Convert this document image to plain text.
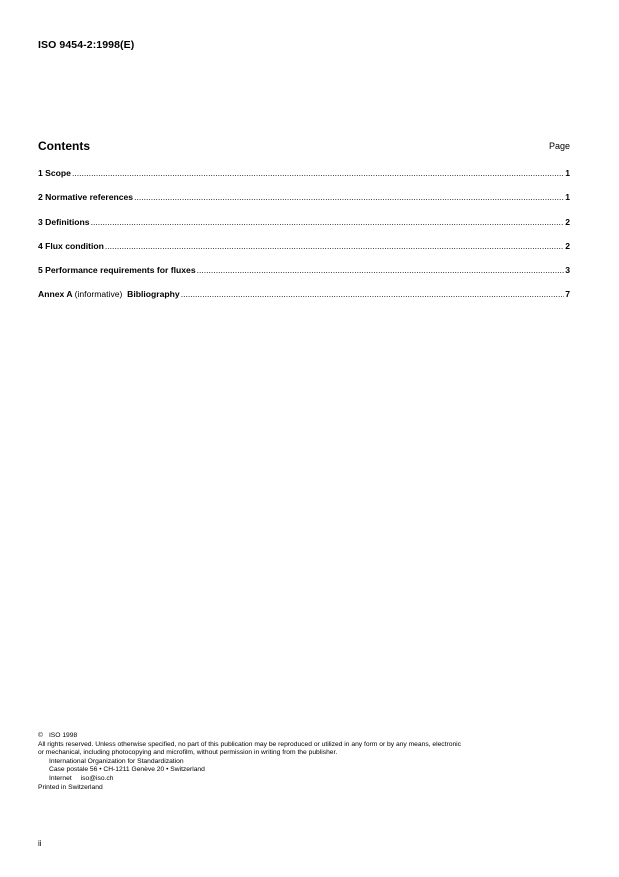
ISO 9454-2:1998(E)
Contents	Page
1 Scope .....	1
2 Normative references .....	1
3 Definitions .....	2
4 Flux condition .....	2
5 Performance requirements for fluxes .....	3
Annex A (informative) Bibliography .....	7
© ISO 1998
All rights reserved. Unless otherwise specified, no part of this publication may be reproduced or utilized in any form or by any means, electronic
or mechanical, including photocopying and microfilm, without permission in writing from the publisher.
International Organization for Standardization
Case postale 56 • CH-1211 Genève 20 • Switzerland
Internet iso@iso.ch
Printed in Switzerland
ii
